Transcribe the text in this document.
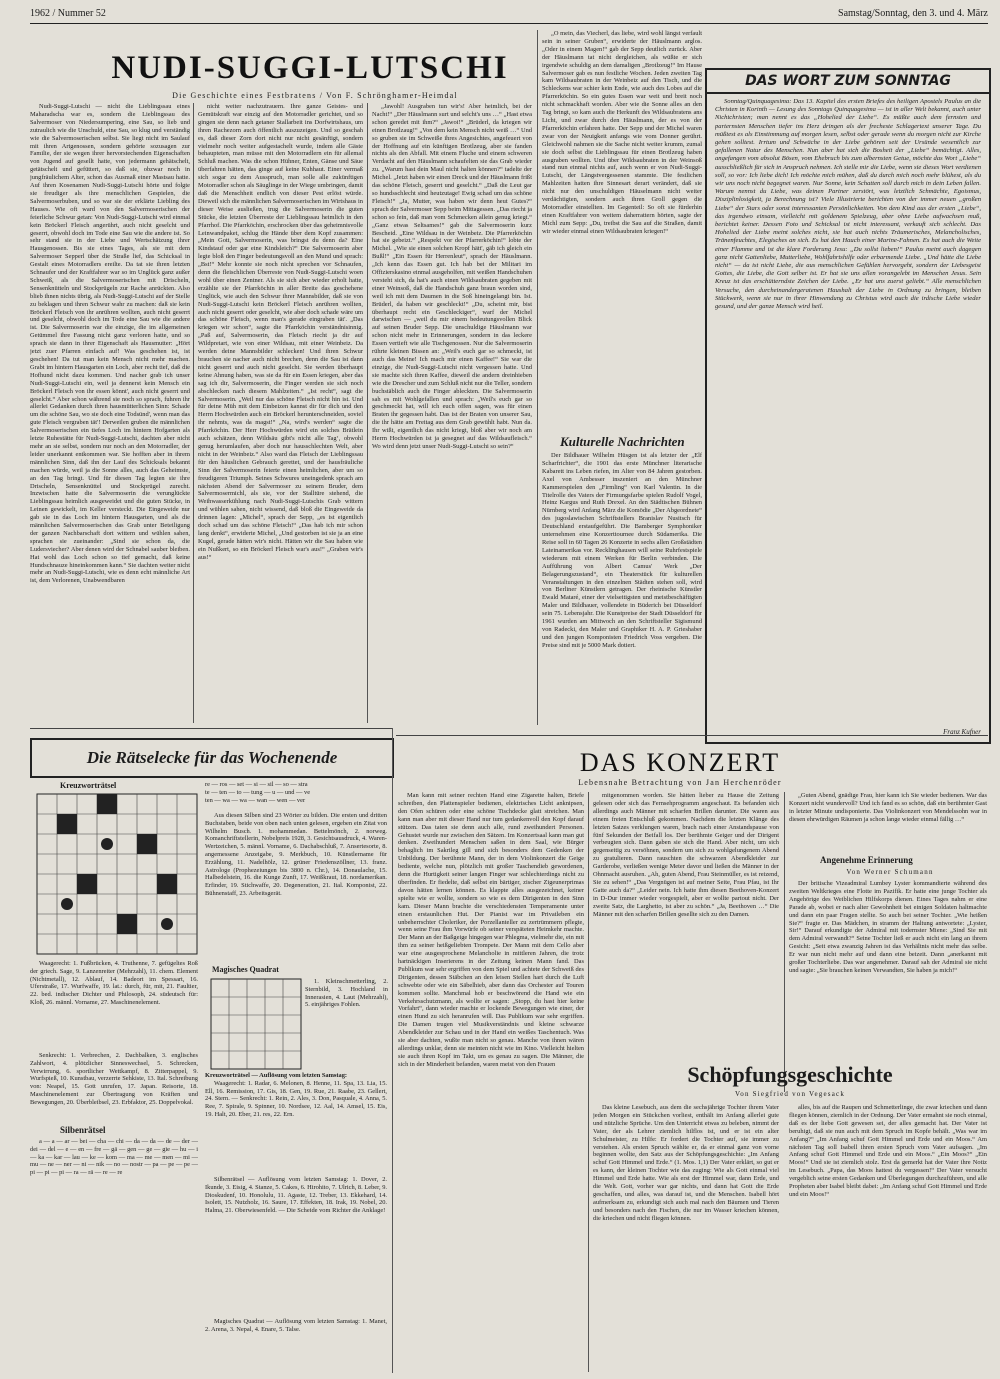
1962 / Nummer 52	Samstag/Sonntag, den 3. und 4. März
NUDI-SUGGI-LUTSCHI
Die Geschichte eines Festbratens / Von F. Schrönghamer-Heimdal

Nudi-Suggi-Lutschi — nicht die Lieblingssau eines Maharadscha war es, sondern die Lieblingssau des Salvermoser von Niedersumpering, eine Sau, so lieb und zutraulich wie die Unschuld, eine Sau, so klug und verständig wie die Salvermoserischen selbst. Sie liegt nicht im Saulauf mit ihren Artgenossen, sondern gehörte sozusagen zur Familie, der sie wegen ihrer hervorstechenden Eigenschaften von Jugend auf gesellt hatte, von jedermann gehätschelt, getätschelt und gefüttert, so daß sie, obzwar noch in jungfräulichem Alter, schon das Ausmaß einer Mastsau hatte. Auf ihren Kosenamen Nudi-Suggi-Lutschi hörte und folgte sie freudiger als ihre menschlichen Gespielen, die Salvermoserbuben, und so war sie der erklärte Liebling des Hauses. Wie oft ward von den Salvermoserischen der feierliche Schwur getan: Von Nudi-Suggi-Lutschi wird einmal kein Bröckerl Fleisch angerührt, auch nicht geselcht und geserrt, obwohl doch im Tode eine Sau wie die andere ist. So sehr stand sie in der Liebe und Wertschätzung ihrer Hausgenossen. Bis sie eines Tages, als sie mit dem Salvermoser Sepperl über die Straße lief, das Schicksal in Gestalt eines Motorradlers ereilte. Da tat sie ihren letzten Schnaufer und der Kraftfahrer war so im Unglück ganz außer Schweiß, als die Salvermoserischen mit Drischeln, Sensenknütteln und Stockprügeln zur Rache anrückten. Also blieb ihnen nichts übrig, als Nudi-Suggi-Lutschi auf der Stelle zu beklagen und ihren Schwur wahr zu machen: daß sie kein Bröckerl Fleisch von ihr anrühren wollten, auch nicht geserrt und geselcht, obwohl doch im Tode eine Sau wie die andere ist. Die Salvermoserin war die einzige, die im allgemeinen Getümmel ihre Fassung nicht ganz verloren hatte, und so sprach sie dann in ihrer Eigenschaft als Hausmutter: „Hört jetzt zuer Pfarren einfach auf! Was geschehen ist, ist geschehen! Da tut man kein Mensch nicht mehr machen. Grabt im hintern Hausgarten ein Loch, aber recht tief, daß die Hofhund nicht dazu kommen. Und nacher grab ich unser Nudi-Suggi-Lutschi ein, weil ja dennerst kein Mensch ein Bröckerl Fleisch von ihr essen könnt', auch nicht geserrt und geselcht.“ Aber schon während sie noch so sprach, fuhren ihr allerlei Gedanken durch ihren hausmütterlichen Sinn: Schade um die schöne Sau, wo sie doch eine Todsünd', wenn man das gute Fleisch vergraben tät'! Derweilen gruben die männlichen Salvermoserischen ein tiefes Loch im hintern Hofgarten als letzte Ruhestätte für Nudi-Suggi-Lutschi, dachten aber nicht mehr an sie selbst, sondern nur noch an den Motorradler, der leider unerkannt entkommen war. Sie hofften aber in ihrem männlichen Sinn, daß ihn der Lauf des Schicksals bekannt machen würde, weil ja die Sonne alles, auch das Geheimste, an den Tag bringt. Und für diesen Tag legten sie ihre Drischeln, Sensenknüttel und Stockprügel zurecht. Inzwischen hatte die Salvermoserin die verunglückte Lieblingssau heimlich ausgeweidet und die guten Stücke, in Leinen gewickelt, im Keller versteckt. Die Eingeweide nur gab sie in das Loch im hintern Hausgarten, und als die männlichen Salvermoserischen das Grab unter Beteiligung der ganzen Nachbarschaft dort wittern und wühlen sahen, sprachen sie zueinander: „Sind sie schon da, die Ludersviecher? Aber denen wird der Schnabel sauber bleiben. Hat wohl das Loch schon so tief gemacht, daß keine Hundschnauze hineinkommen kann.“ Sie dachten weiter nicht mehr an Nudi-Suggi-Lutschi, wie es denn echt männliche Art ist, dem Verlorenen, Unabwendbaren

nicht weiter nachzutrauern. Ihre ganze Geistes- und Gemütskraft war einzig auf den Motorradler gerichtet, und so gingen sie denn nach getaner Stallarbeit ins Dorfwirtshaus, um ihren Rachezorn auch öffentlich auszuzeigen. Und so geschah es, daß dieser Zorn dort nicht nur nicht gesänftigt, sondern vielmehr noch weiter aufgestachelt wurde, indem alle Gäste behaupteten, man müsse mit den Motorradlern ein für allemal Schluß machen. Was die schon Hühner, Enten, Gänse und Säue überfahren hätten, das ginge auf keine Kuhhaut. Einer vermaß sich sogar zu dem Ausspruch, man solle alle zukünftigen Motorradler schon als Säuglinge in der Wiege umbringen, damit daß die Menschheit endlich von dieser Pest erlöst würde. Dieweil sich die männlichen Salvermoserischen im Wirtshaus in dieser Weise ausließen, trug die Salvermoserin die guten Stücke, die letzten Überreste der Lieblingssau heimlich in den Pfarrhof. Die Pfarrköchin, erschrocken über das geheimnisvolle Leinwandpaket, schlug die Hände über dem Kopf zusammen: „Mein Gott, Salvermoserin, was bringst du denn da? Eine Kindstauf oder gar eine Kindsleich?“ Die Salvermoserin aber legte bloß den Finger bedeutungsvoll an den Mund und sprach: „Bst!“ Mehr konnte sie noch nicht sprechen vor Schnaufen, denn die fleischlichen Überreste von Nudi-Suggi-Lutschi woen wohl über einen Zentner. Als sie sich aber wieder erholt hatte, erzählte sie der Pfarrköchin in aller Breite das geschehene Unglück, wie auch den Schwur ihrer Mannsbilder, daß sie von Nudi-Suggi-Lutschi kein Bröckerl Fleisch anrühren wollten, auch nicht geserrt oder geselcht, wie aber doch schade wäre um das schöne Fleisch, wenn man's gerade eingraben tät'. „Das kriegen wir schon“, sagte die Pfarrköchin verständnisinnig. „Paß auf, Salvermoserin, das Fleisch riecht ja dir auf Wildpretart, wie von einer Wildsau, mit einer Weinbeiz. Da werden deine Mannsbilder schlecken! Und ihren Schwur brauchen sie nacher auch nicht brechen, denn die Sau ist dann nicht geserrt und auch nicht geselcht. Sie werden überhaupt keine Ahnung haben, was sie da für ein Essen kriegen, aber das sag ich dir, Salvermoserin, die Finger werden sie sich noch abschlecken nach diesem Mahlzeiten.“ „Ist recht“, sagt die Salvermoserin. „Weil nur das schöne Fleisch nicht hin ist. Und für deine Müh mit dem Einbeizen kannst dir für dich und den Herrn Hochwürden auch ein Bröckerl herunterschneiden, soviel ihr nehmts, was da magst!“ „Na, wird's werden“ sagte die Pfarrköchin. Der Herr Hochwürden wird ein solches Brätlein auch schätzen, denn Wildsäu gibt's nicht alle Tag‘, obwohl genug herumlaufen, aber doch nur hausschlechten Welt, aber nicht in der Weinbeiz.“ Also ward das Fleisch der Lieblingssau für den häuslichen Gebrauch gerettet, und der hausfräuliche Sinn der Salvermoserin feierte einen heimlichen, aber um so freudigeren Triumph. Seines Schwures uneingedenk sprach am nächsten Abend der Salvermoser zu seinem Bruder, dem Salvermosermichl, als sie, vor der Stalltüre stehend, die Weihwasserkühlung nach Nudi-Suggi-Lutschis Grab wittern und wühlen sahen, nicht wissend, daß bloß die Eingeweide da drinnen lagen: „Michel“, sprach der Sepp, „es ist eigentlich doch schad um das schöne Fleisch!“ „Das hab ich mir schon lang denkt“, erwiderte Michel, „Und gestorben ist sie ja an eine Kugel, gerade hätten wir's nicht. Hätten wir die Sau haben wie ein Nußkert, so ein Bröckerl Fleisch war's aus!“ „Graben wir's aus!“

„Jawohl! Ausgraben tun wir's! Aber heimlich, bei der Nacht!“ „Der Häuslmann surt und selcht's uns …“ „Hast etwa schon geredet mit ihm?“ „Jawoi!“ „Brüderl, da kriegen wir einen Brotlzaug!“ „Von dem kein Mensch nicht weiß …“ Und so gruben sie im Schweiße ihres Angesichtes, angefeuert von der Hoffnung auf ein künftigen Brotlzeug, aber sie fanden nichts als den Abfall. Mit einem Fluche und einem schweren Verdacht auf den Häuslmann schaufelten sie das Grab wieder zu. „Warum hast dein Maul nicht halten können?“ tadelte der Michel. „Jetzt haben wir einen Dreck und der Häuslmann frißt das schöne Fleisch, geserrt und geselcht.“ „Daß die Leut gar so hundsschlecht sind heutzutage! Ewig schad um das schöne Fleisch!“ „Ja, Mutter, was haben wir denn heut Gutes?“ sprach der Salvermoser Sepp beim Mittagessen. „Das riecht ja schon so fein, daß man vom Schmecken allein genug kriegt.“ „Ganz etwas Seltsames!“ gab die Salvermoserin kurz Bescheid. „Eine Wildsau in der Weinbeiz. Die Pfarrerköchin hat sie gebeizt.“ „Respekt vor der Pfarrerköchin!“ lobte der Michel. „Wie sie einen solchen Kropf hätt', gäb ich gleich ein Bußl!“ „Ein Essen für Herrenleut“, sprach der Häuslmann. „Ich kenn das Essen gut. Ich hab bei der Militari im Offizierskasino einmal ausgeholfen, mit weißen Handschuhen versteht sich, da hat's auch einen Wildsaubraten gegeben mit einer Weinsoß, daß die Handschuh ganz braun worden sind, weil ich mit dem Daumen in die Soß hineingelangt bin. Ist. Brüderl, da haben wir geschleckt!“ „Du, scheint mir, bist überhaupt recht ein Geschleckiger“, warf der Michel darwischen — „weil du mir einem bedeutungsvollen Blick auf seinen Bruder Sepp. Die unschuldige Häuslmann war schon nicht mehr in Erinnerungen, sondern in das leckere Essen vertieft wie alle Tischgenossen. Nur die Salvermoserin rührte kleinen Bissen an: „Weil's euch gar so schmeckt, ist auch das Meine! Ich mach mir einen Kaffee!“ Sie war die einzige, die Nudi-Suggi-Lutschi nicht vergessen hatte. Und sie machte sich ihren Kaffee, dieweil die andern dreinhieben wie die Drescher und zum Schluß nicht nur die Teller, sondern buchstäblich auch die Finger ableckten. Die Salvermoserin sah es mit Wohlgefallen und sprach: „Weil's euch gar so geschmeckt hat, will ich euch offen sagen, was für einen Braten ihr gegessen habt. Das ist der Braten von unserer Sau, die ihr hätte am Freitag aus dem Grab gewühlt habt. Nun da. Ihr wißt, eigentlich das nicht kriegt, bloß aber wir noch am Herrn Hochwürden ist ja gesegnet auf das Wildsaufleisch.“ Wo wird denn jetzt unser Nudi-Suggi-Lutschi so sein?“

„O mein, das Viecherl, das liebe, wird wohl längst verfault sein in seiner Gruben“, erwiderte der Häuslmann arglos. „Oder in einem Magen!“ gab der Sepp deutlich zurück. Aber der Häuslmann tat nicht dergleichen, als wüßte er sich irgendwie schuldig an dem damaligen „Brotlzeug!“ Im Hause Salvermoser gab es nun festliche Wochen. Jeden zweiten Tag kam Wildsaubraten in der Weinbeiz auf den Tisch, und die Schleckens war schier kein Ende, wie auch des Lobes auf die Pfarrerköchin. So ein gutes Essen war weit und breit noch nicht schmackhaft worden. Aber wie die Sonne alles an den Tag bringt, so kam auch die Herkunft des Wildsaubratens ans Licht, und zwar durch den Häuslmann, der es von der Pfarrerköchin erfahren hatte. Der Sepp und der Michel waren zwar von der Neuigkeit anfangs wie vom Donner gerührt. Gleichwohl nahmen sie die Sache nicht weiter krumm, zumal sie doch selbst die Lieblingssau für einen Brotlzeug haben ausgraben wollten. Und über Wildsaubraten in der Weinsoß stand nun einmal nichts auf, auch wenn er von Nudi-Suggi-Lutschi, der Längstvergessenen stammte. Die festlichen Mahlzeiten hatten ihre Sinnesart derart verändert, daß sie nicht nur den unschuldigen Häuselmann nicht weiter verdächtigten, sondern auch ihren Groll gegen die Motorradler einstellten. Im Gegenteil: So oft sie fürderhin einen Kraftfahrer von weitem daherrattern hörten, sagte der Michl zum Sepp: „Du, treibst die Sau auf die Straßen, damit wir wieder einmal einen Wildsaubraten kriegen!“

Kulturelle Nachrichten

Der Bildhauer Wilhelm Hüsgen ist als letzter der „Elf Scharfrichter“, die 1901 das erste Münchner literarische Kabarett ins Leben riefen, im Alter von 84 Jahren gestorben. Axel von Ambesser inszeniert an den Münchner Kammerspielen den „Firmling“ von Karl Valentin. In die Titelrolle des Vaters der Firmungsfarbe spielen Rudolf Vogel, Heinz Kargus und Ruth Drexel. An den Städtischen Bühnen Nürnberg wird Anfang März die Komödie „Der Abgeordnete“ des jugoslawischen Schriftstellers Branislav Nusitsch für Deutschland erstaufgeführt. Die Bamberger Symphoniker unternehmen eine Konzerttournee durch Südamerika. Die Reise soll in 60 Tagen 26 Konzerte in sechs allen Großstädten Lateinamerikas vor. Recklinghausen will seine Ruhrfestspiele wiederum mit einem Werken für Berlin verbinden. Die Aufführung von Albert Camus' Werk „Der Belagerungszustand“, ein Theaterstück für kulturellen Veranstaltungen in den einzelnen Städten stehen soll, wird von Berliner Künstlern getragen. Der rheinische Künstler Ewald Mataré, einer der vielseitigsten und meistbeschäftigten Maler und Bildhauer, vollendete in Büderich bei Düsseldorf sein 75. Lebensjahr. Die Kunstpreise der Stadt Düsseldorf für 1961 wurden am Mittwoch an den Schriftsteller Sigismund von Radecki, den Maler und Graphiker H. A. P. Grieshaber und den jungen Komponisten Friedrich Voss vergeben. Die Preise sind mit je 5000 Mark dotiert.

DAS WORT ZUM SONNTAG

Sonntag/Quinquagesima: Das 13. Kapitel des ersten Briefes des heiligen Apostels Paulus an die Christen in Korinth — Lesung des Sonntags Quinquagesima — ist in aller Welt bekannt, auch unter Nichtchristen; man nennt es das „Hohelied der Liebe“. Es müßte auch dem fernsten und parternsten Menschen tiefer ins Herz dringen als der frecheste Schlagertext unserer Tage. Du müßtest es als Einstimmung auf morgen lesen, selbst oder gerade wenn du morgen nicht zur Kirche gehen solltest. Irrtum und Schwäche in der Liebe gehören seit der Ursünde wesentlich zur gefallenen Natur des Menschen. Nun aber hat sich die Bosheit der „Liebe“ bemächtigt. Alles, angefangen vom absolut Bösen, vom Ehebruch bis zum albernsten Getue, möchte das Wort „Liebe“ ausschließlich für sich in Anspruch nehmen. Ich stelle mir die Liebe, wenn sie dieses Wort verdienen soll, so vor: Ich liebe dich! Ich möchte mich mühen, daß du durch mich noch mehr blühest, als du wir uns noch nicht begegnet waren. Nur Sonne, kein Schatten soll durch mich in dein Leben fallen. Warum nennst du Liebe, was deinen Partner zerstört, was letztlich Schmächte, Egoismus, Disziplinlosigkeit, ja Berechnung ist? Viele Illustrierte berichten von der immer neuen „großen Liebe“ der Stars oder sonst interessanten Persönlichkeiten. Von dem Kind aus der ersten „Liebe“, das irgendwo einsam, vielleicht mit goldenem Spielzeug, aber ohne Liebe aufwachsen muß, berichtet keiner. Dessen Foto und Schicksal ist nicht interessant, verkauft sich schlecht. Das Hohelied der Liebe meint solches nicht, sie hat auch nichts Träumerisches, Melancholisches, Tränenfeuchtes, Elegisches an sich. Es hat den Hauch einer Marine-Fahnen. Es hat auch die Weite einer Flamme und ist die klare Forderung Jesu: „Du sollst lieben!“ Paulus meint auch dagegen ganz nicht Gattenliebe, Mutterliebe, Wohlfahrtshilfe oder erbarmende Liebe. „Und hätte die Liebe nicht“ — da ist nicht Liebe, die aus menschlichen Gefühlen hervorgeht, sondern der Liebesgeist Gottes, die Liebe, die Gott selber ist. Er hat sie uns allen vorangelebt im Menschen Jesus. Sein Kreuz ist das erschütterndste Zeichen der Liebe. „Er hat uns zuerst geliebt.“ Alle menschlichen Versuche, den durcheinandergeratenen Haushalt der Liebe in Ordnung zu bringen, bleiben Stückwerk, wenn sie nur in ihrer Hinwendung zu Christus wird auch die irdische Liebe wieder gesund, und der ganze Mensch wird heil.

Franz Kufner
DAS KONZERT
Lebensnahe Betrachtung von Jan Herchenröder

Man kann mit seiner rechten Hand eine Zigarette halten, Briefe schreiben, den Plattenspieler bedienen, elektrisches Licht anknipsen, den Ofen schüren oder eine schöne Tischdecke glatt streichen. Man kann man aber mit dieser Hand nur tum gedankenvoll den Kopf darauf stützen. Das taten sie denn auch alle, rund zweihundert Personen. Gehustet wurde nur zwischen den Sätzen. Im Konzertsaal kann man gut denken. Zweihundert Menschen saßen in dem Saal, wie Bürger behaglich im Sakrileg gill und sich besonders dem Gedenken der Unbildung. Der berühmte Mann, der in dem Violinkonzert die Geige bediente, welche nun, plötzlich mit großer Taschendieb gewordenen, denn die Hurtigkeit seiner langen Finger war schlechterdings nicht zu überfinden. Er fiedelte, daß selbst ein bärtiger, zischer Zigeunerprimas davon hätten lernen können. Es klappte alles ausgezeichnet, keiner spielte wie er wollte, sondern so wie es dem Dirigenten in den Sinn kam. Dieser Mann brachte die verschiedensten Temperamente unter einen erstaunlichen Hut. Der Pianist war im Privatleben ein unbeherrschter Choleriker, der Porzellanteller zu zertrümmern pflegte, wenn seine Frau ihm Vorwürfe ob seiner verspäteten Heimkehr machte. Der Mann an der Baßgeige hingegen war Phlegma, vielmehr die, ein mit ihm zu seiner heißgeliebten Trompete. Der Mann mit dem Cello aber war eine ausgesprochene Melancholie in mittleren Jahren, die trotz hartnäckigen Inserierens in der Zeitung keinen Mann fand. Das Publikum war sehr ergriffen von dem Spiel und achtete der Schweiß des Dirigenten, dessen Stäbchen an den leisen Stellen hart durch die Luft schwebte oder wie ein Säbelhieb, aber dann das Orchester auf Touren kommen sollte. Manchmal hob er beschwörend die Hand wie ein Verkehrsschutzmann, als wollte er sagen: „Stopp, du hast hier keine Vorfahrt“, dann wieder machte er lockende Bewegungen wie einer, der einen Hund zu sich heranrufen will. Das Publikum war sehr ergriffen. Die Damen trugen viel Musikverständnis und kleine schwarze Abendkleider zur Schau und in der Hand ein weißes Taschentuch. Was sie aber dachten, wußte man nicht so genau. Manche von ihnen wären allerdings unklar, denn sie meinten nicht wie im Kino. Vielleicht hielten sie auch ihren Kopf im Takt, um es genau zu sagen. Die Männer, die sich in der Minderheit befanden, waren meist von den Frauen

mitgenommen worden. Sie hätten lieber zu Hause die Zeitung gelesen oder sich das Fernsehprogramm angeschaut. Es befanden sich allerdings auch Männer mit scharfen Brillen darunter. Die waren aus einem freien Entschluß gekommen. Nachdem die letzten Klänge des letzten Satzes verklungen waren, brach nach einer Anstandspause von fünf Sekunden der Beifall los. Der berühmte Geiger und der Dirigent verbeugten sich. Dann gaben sie sich die Hand. Aber nicht, um sich gegenseitig zu versöhnen, sondern um sich zu wohlgelungenem Abend zu gratulieren. Dann rauschten die schwarzen Abendkleider zur Garderobe, verließen wenige Meter davor und ließen die Männer in der Ohnmacht ausruhen. „Ah, guten Abend, Frau Steinmüller, es ist reizend, Sie zu sehen!“ „Das Vergnügen ist auf meiner Seite, Frau Pfau, ist Ihr Gatte auch da?“ „Leider nein. Ich hatte ihm diesen Beethoven-Konzert in D-Dur immer wieder vorgespielt, aber er wollte partout nicht. Der zweite Satz, die Larghetto, ist aber zu schön.“ „Ja, Beethoven …“ Die Männer mit den scharfen Brillen gesellte sich zu den Damen.

„Guten Abend, gnädige Frau, hier kann ich Sie wieder bedienen. War das Konzert nicht wundervoll? Und ich fand es so schön, daß ein berühmter Gast in letzter Minute undisponierte. Das Violinkonzert von Mendelssohn war in diesen ehrwürdigen Räumen ja schon lange wieder einmal fällig …“

Angenehme Erinnerung
Von Werner Schumann

Der britische Vizeadmiral Lumbey Lyster kommandierte während des zweiten Weltkrieges eine Flotte im Pazifik. Er hatte eine junge Tochter als Angehörige des Weiblichen Hilfskorps dienen. Eines Tages nahm er eine Parade ab, wobei er nach alter Gewohnheit bei einigen Soldaten haltmachte und dann ein paar Fragen stellte. So auch bei seiner Tochter. „Wie heißen Sie?“ fragte er. Das Mädchen, in stramm der Haltung antwortete: „Lyster, Sir!“ Darauf erkundigte der Admiral mit todernster Miene: „Sind Sie mit dem Admiral verwandt?“ Seine Tochter ließ er auch nicht ein lang an ihrem Gesicht: „Seit etwa zwanzig Jahren ist das Verhältnis nicht mehr das selbe. Er war nun nicht mehr auf und dann eine beizeit. Dann „anerkannt mit großer Tochterliebe. Das war angenehmer. Darauf sah der Admiral sie nicht und sagte: „Sie brauchen keinen Verwandten, Sie haben ja mich!“

Schöpfungsgeschichte
Von Siegfried von Vegesack

Das kleine Lesebuch, aus dem die sechsjährige Tochter ihrem Vater jeden Morgen ein Stückchen vorliest, enthält im Anfang allerlei gute und nützliche Sprüche. Um den Unterricht etwas zu beleben, nimmt der Vater, der als Lehrer ziemlich hilflos ist, und er ist ein alter Schulmeister, zu Hilfe: Er fordert die Tochter auf, sie immer zu verstehen. Als ersten Spruch wählte er, da er einmal ganz von vorne beginnen wollte, den Satz aus der Schöpfungsgeschichte: „Im Anfang schuf Gott Himmel und Erde.“ (1. Mos. 1,1) Der Vater erklärt, so gut er es kann, der kleinen Tochter wie das zuging: Wie als Gott einmal viel Himmel und Erde hatte. Wie als erst der Himmel war, dann Erde, und die Welt. Gott, vorher war gar nichts, und dann hat Gott die Erde geschaffen, und alles, was darauf ist, und die Menschen. Isabell hört aufmerksam zu, erkundigt sich auch mal nach den Bäumen und Tieren und besonders nach den Fischen, die nur im Wasser kriechen können, die kriechen und nicht fliegen können.

alles, bis auf die Raupen und Schmetterlinge, die zwar kriechen und dann fliegen können, ziemlich in der Ordnung. Der Vater ermahnt sie noch einmal, daß es der liebe Gott gewesen sei, der alles gemacht hat. Der Vater ist beruhigt, daß sie nun auch mit dem Spruch im Kopfe behält. „Was war im Anfang?“ „Im Anfang schuf Gott Himmel und Erde und ein Moos.“ Am nächsten Tag soll Isabell ihren ersten Spruch vom Vater aufsagen. „Im Anfang schuf Gott Himmel und Erde und ein Moos.“ „Ein Moos?“ „Ein Moos!“ Und sie ist ziemlich stolz. Erst da gemerkt hat der Vater ihre Notiz im Lesebuch. „Papa, das Moos hattest du vergessen!“ Der Vater versucht vergeblich seine ersten Gedanken und Überlegungen durchzuführen, und alle Propheten aber Isabel bleibt dabei: „Im Anfang schuf Gott Himmel und Erde und ein Moos!“

Die Rätselecke für das Wochenende
Kreuzworträtsel	re — ros — set — si — sil — so — stra
te — ten — to — tung — u — und — ve
ten — wa — wa — wan — wen — ver

Aus diesen Silben sind 23 Wörter zu bilden. Die ersten und dritten Buchstaben, beide von oben nach unten gelesen, ergeben ein Zitat von Wilhelm Busch. 1. mohammedan. Bettelmönch, 2. norweg. Komanchriftstellerin, Nobelpreis 1928, 3. Gesichtsausdruck, 4. Waren-Wertzeichen, 5. männl. Vorname, 6. Dachabschluß, 7. Ansertesorte, 8. angemessene Anzeigabe, 9. Merkbuch, 10. Künstlername für Erzählung, 11. Nadelhölz, 12. grüner Friedenszöllner, 13. franz. Astrologe (Prophezeiungen bis 3800 n. Chr.), 14. Donaulache, 15. Halbedelstein, 16. die Kunge Zunft, 17. Weißkraut, 18. nordamerikan. Erfinder, 19. Stichwaffe, 20. Degeneration, 21. Ital. Komponist, 22. Bühnenstaff, 23. Arbeitsgerät.

Waagerecht: 1. Fußbrücken, 4. Truthenne, 7. gefügeltes Roß der griech. Sage, 9. Lanzenreiter (Mehrzahl), 11. chem. Element (Nichtmetall), 12. Ablauf, 14. Badeort im Spessart, 16. Uferstraße, 17. Wurfwaffe, 19. lat.: durch, für, mit, 21. Faultier, 22. bed. indischer Dichter und Philosoph, 24. südeutsch für: Kloß, 26. männl. Vorname, 27. Maschinenelement.

Senkrecht: 1. Verbrechen, 2. Dachbalken, 3. englisches Zahlwort, 4. plötzlicher Sinneswechsel, 5. Schrecken, Verwirrung, 6. sportlicher Wettkampf, 8. Zitterpappel, 9. Wurfspieß, 10. Kunstbau, verzerrte Sehkiste, 13. Ital. Schreibung von: Neapel, 15. Gott unrufen, 17. Japan. Reisorte, 18. Maschinenelement zur Übertragung von Kräften und Bewegungen, 20. Überbleibsel, 23. Erbfaktor, 25. Doppelvokal.

Silbenrätsel

a — a — ar — bei — cha — chi — da — da — de — der — dei — del — e — en — fre — gä — gen — ge — gie — hu — i — ka — kar — lau — ke — kom — ma — me — men — mi — mu — ne — ner — ni — nik — no — nostr — pa — pe — pe — pi — pi — pi — ra — rä — re — re

Magisches Quadrat

1. Kleinschmetterling, 2. Sternbild, 3. Hochland in Innerasien, 4. Laut (Mehrzahl), 5. einjähriges Fohlen.

Kreuzworträtsel — Auflösung vom letzten Samstag:

Waagerecht: 1. Radar, 6. Melonen, 8. Henne, 11. Spa, 13. Lia, 15. Ell, 16. Remission, 17. Gis, 18. Gen, 19. Rue, 21. Raabe, 23. Gellert, 24. Stern. — Senkrecht: 1. Rein, 2. Ales, 3. Don, Pasquale, 4. Anna, 5. Ree, 7. Spirale, 9. Spinner, 10. Nordsee, 12. Aal, 14. Amsel, 15. Eis, 19. Halt, 20. Eber, 21. res, 22. Ern.

Silbenrätsel — Auflösung vom letzten Samstag: 1. Dover, 2. Ikunde, 3. Eisig, 4. Stanze, 5. Cakes, 6. Hirohito, 7. Ulrich, 8. Leber, 9. Dioskudenf, 10. Honolulu, 11. Agaste, 12. Treber, 13. Ekkehard, 14. Isolett, 15. Nutzholz, 16. Saure, 17. Effekten, 18. Irak, 19. Nobel, 20. Halma, 21. Oberwiesenfeld. — Die Scheide vom Richter die Anklage!

Magisches Quadrat — Auflösung vom letzten Samstag: 1. Manet, 2. Arena, 3. Nepal, 4. Enare, 5. Talse.
